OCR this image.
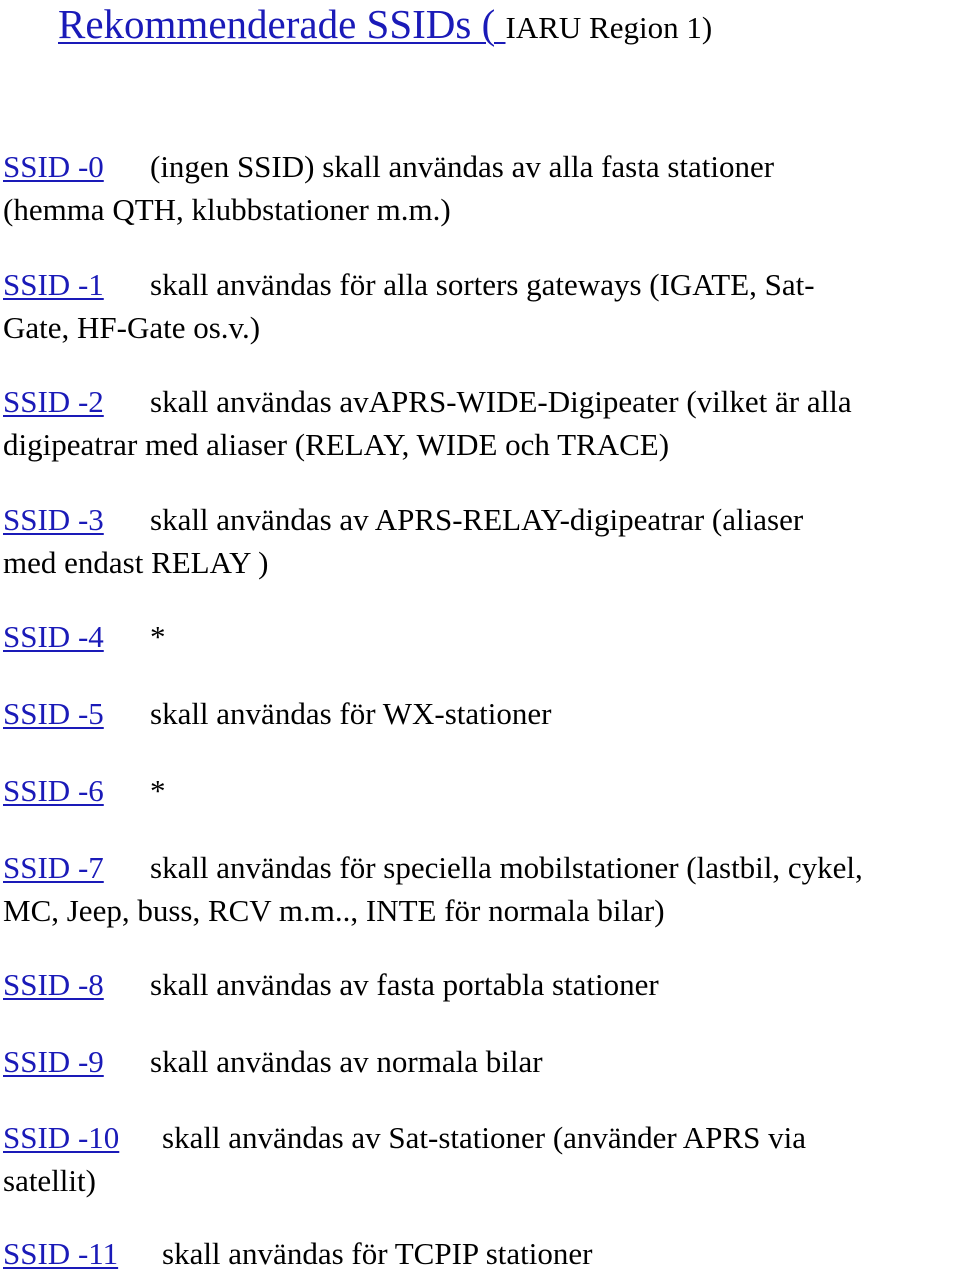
Rekommenderade SSIDs ( IARU Region 1)
SSID -0 (ingen SSID) skall användas av alla fasta stationer
(hemma QTH, klubbstationer m.m.)
SSID -1 skall användas för alla sorters gateways (IGATE, Sat-
Gate, HF-Gate os.v.)
SSID -2 skall användas avAPRS-WIDE-Digipeater (vilket är alla
digipeatrar med aliaser (RELAY, WIDE och TRACE)
SSID -3 skall användas av APRS-RELAY-digipeatrar (aliaser
med endast RELAY )
SSID -4 *
SSID -5 skall användas för WX-stationer
SSID -6 *
SSID -7 skall användas för speciella mobilstationer (lastbil, cykel,
MC, Jeep, buss, RCV m.m.., INTE för normala bilar)
SSID -8 skall användas av fasta portabla stationer
SSID -9 skall användas av normala bilar
SSID -10 skall användas av Sat-stationer (använder APRS via
satellit)
SSID -11 skall användas för TCPIP stationer
